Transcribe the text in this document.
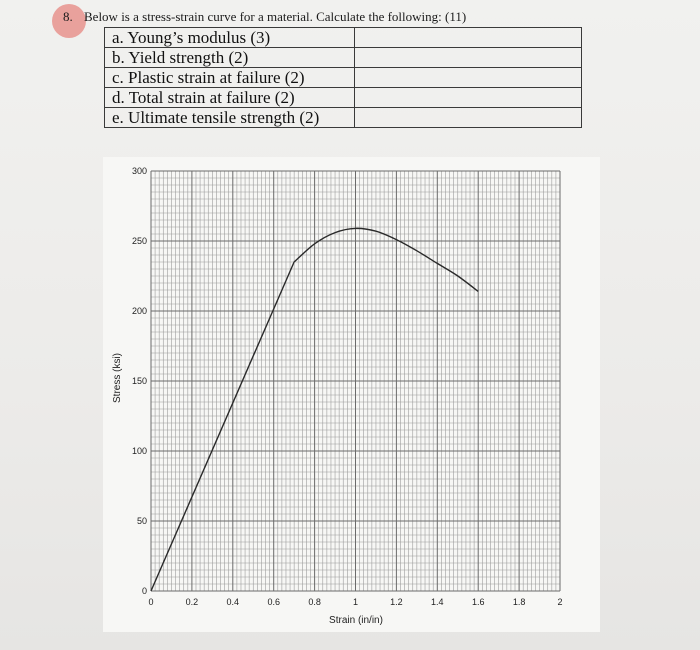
8. Below is a stress-strain curve for a material. Calculate the following: (11)
a. Young’s modulus (3)	
b. Yield strength (2)	
c. Plastic strain at failure (2)	
d. Total strain at failure (2)	
e. Ultimate tensile strength (2)	
0	0.2	0.4	0.6	0.8	1	1.2	1.4	1.6	1.8	2
0
50
100
150
200
250
300
Strain (in/in)
Stress (ksi)
